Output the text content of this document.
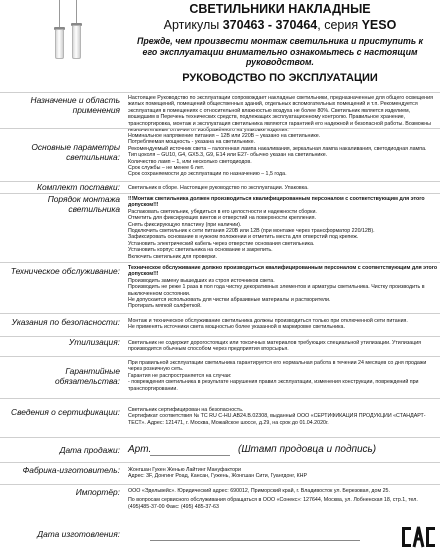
СВЕТИЛЬНИКИ НАКЛАДНЫЕ
Артикулы 370463 - 370464, серия YESO
Прежде, чем произвести монтаж светильника и приступить к его эксплуатации внимательно ознакомьтесь с настоящим руководством.
РУКОВОДСТВО ПО ЭКСПЛУАТАЦИИ
Назначение и область применения
Настоящее Руководство по эксплуатации сопровождает накладные светильники, предназначенные для общего освещения жилых помещений, помещений общественных зданий, отдельных вспомогательных помещений и т.п. Рекомендуется эксплуатация в помещениях с относительной влажностью воздуха не более 80%. Светильник является изделием, вошедшим в Перечень технических средств, подлежащих эксплуатационному контролю. Правильное хранение, транспортировка, монтаж и эксплуатация светильника являются гарантией его надежной и безопасной работы. Возможны незначительные отличия от изображённого на упаковке изделия.
Основные параметры светильника:

Номинальное напряжение питания – 12В или 220В – указано на светильнике.

Потребляемая мощность - указана на светильнике.

Рекомендуемый источник света – галогенная лампа накаливания, зеркальная лампа накаливания, светодиодная лампа.

Тип цоколя – GU10, G4, GX5.3, G9, E14 или E27- обычно указан на светильнике.

Количество ламп – 1, или несколько светодиодов.

Срок службы – не менее 6 лет.

Срок сохраняемости до эксплуатации по назначению – 1,5 года.

Комплект поставки:	Светильник в сборе. Настоящее руководство по эксплуатации. Упаковка.
Порядок монтажа светильника

!!!Монтаж светильника должен производиться квалифицированным персоналом с соответствующим для этого допуском!!!

Распаковать светильник, убедиться в его целостности и надежности сборки.

Отметить для фиксирующих винтов и отверстий на поверхности крепления.

Снять фиксирующую пластину (при наличии).

Подключить светильник к сети питания 220В или 12В (при монтаже через трансформатор 220/12В).

Зафиксировать основание в нужном положении и отметить места для отверстий под крепеж.

Установить электрический кабель через отверстие основания светильника.

Установить корпус светильника на основание и закрепить.

Включить светильник для проверки.

Техническое обслуживание:	Техническое обслуживание должно производиться квалифицированным персоналом с соответствующим для этого допуском!!!

Производить замену вышедших из строя источников света.

Производить не реже 1 раза в пол года чистку декоративных элементов и арматуры светильника. Чистку производить в выключенном состоянии.

Не допускается использовать для чистки абразивные материалы и растворители.

Протирать мягкой салфеткой.

Указания по безопасности:	Монтаж и техническое обслуживание светильника должны производиться только при отключенной сети питания.

Не применять источники света мощностью более указанной в маркировке светильника.

Утилизация:	Светильник не содержит дорогостоящих или токсичных материалов требующих специальной утилизации. Утилизация производится обычным способом через предприятия вторсырья.
Гарантийные обязательства:

При правильной эксплуатации светильника гарантируется его нормальная работа в течении 24 месяцев со дня продажи через розничную сеть.

Гарантия не распространяется на случаи:

- повреждения светильника в результате нарушения правил эксплуатации, изменения конструкции, повреждений при транспортировании.

Сведения о сертификации:	Светильник сертифицирован на безопасность.

Сертификат соответствия № ТС RU C-HU.AB24.B.02308, выданный ООО «СЕРТИФИКАЦИЯ ПРОДУКЦИИ «СТАНДАРТ-ТЕСТ». Адрес: 121471, г. Москва, Можайское шоссе, д.29, на срок до 01.04.2020г.

Дата продажи: Арт.	(Штамп продовца и подпись)
Фабрика-изготовитель:	Жонгшан Гукен Женью Лайтинг Мануфактори

Адрес: 3F, Донгинг Роад, Кансан, Гужень, Жонгшан Сити, Гуангдонг, КНР

Импортёр:	ООО «Эдельвейс». Юридический адрес: 690012, Приморский край, г. Владивосток ул. Березовая, дом 25.

По вопросам сервисного обслуживания обращаться в ООО «Сонекс»: 127644, Москва, ул. Лобненская 18, стр.1, тел. (495)485-37-00 Факс: (495) 485-37-63

Дата изготовления:
